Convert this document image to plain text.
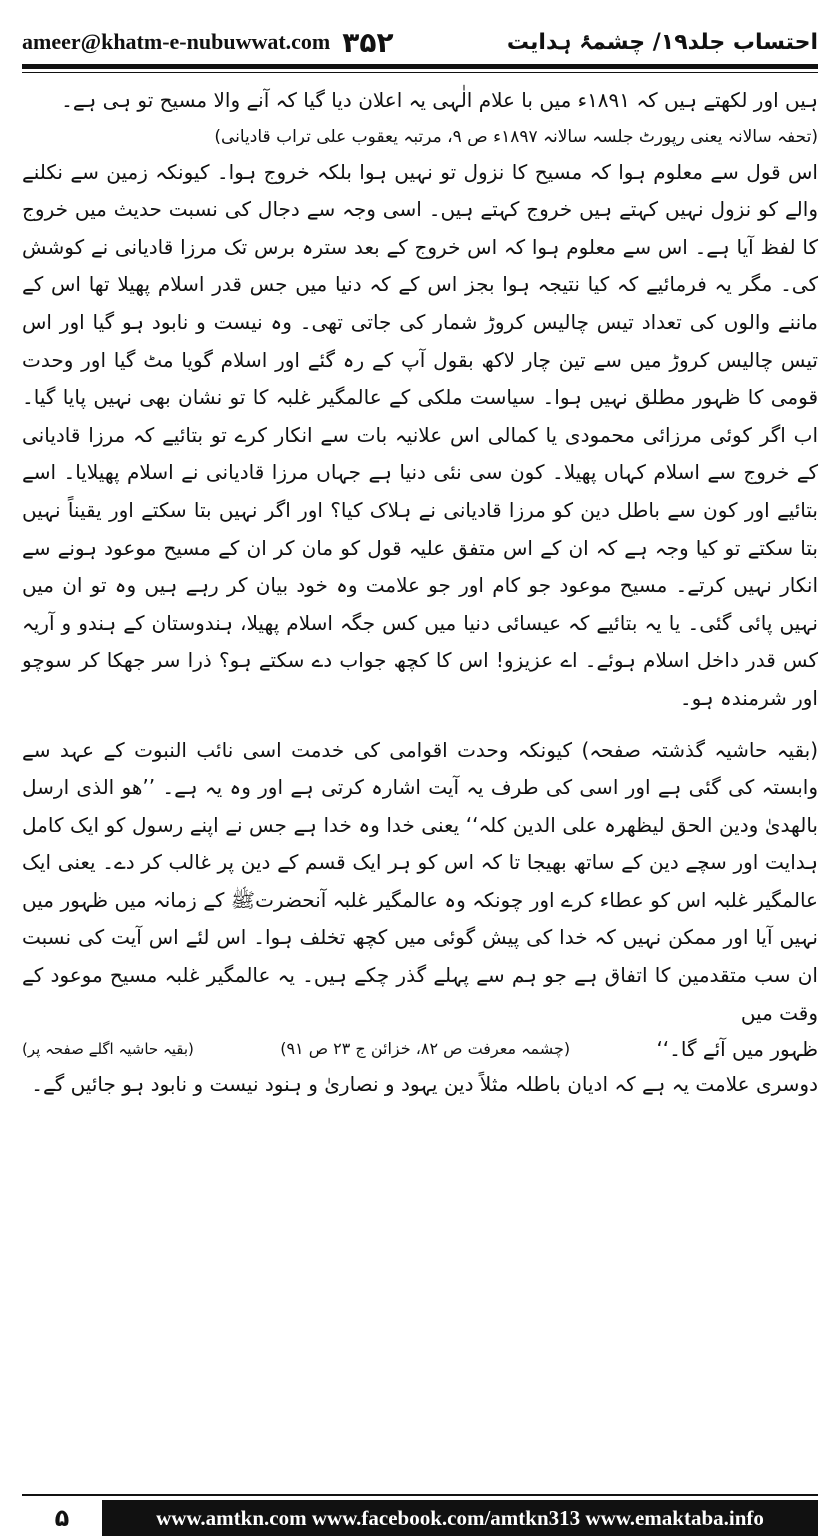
ameer@khatm-e-nubuwwat.com ۳۵۲	احتساب جلد۱۹/ چشمۂ ہدایت

ہیں اور لکھتے ہیں کہ ۱۸۹۱ء میں با علام الٰہی یہ اعلان دیا گیا کہ آنے والا مسیح تو ہی ہے۔

(تحفہ سالانہ یعنی رپورٹ جلسہ سالانہ ۱۸۹۷ء ص ۹، مرتبہ یعقوب علی تراب قادیانی)

اس قول سے معلوم ہوا کہ مسیح کا نزول تو نہیں ہوا بلکہ خروج ہوا۔ کیونکہ زمین سے نکلنے والے کو نزول نہیں کہتے ہیں خروج کہتے ہیں۔ اسی وجہ سے دجال کی نسبت حدیث میں خروج کا لفظ آیا ہے۔ اس سے معلوم ہوا کہ اس خروج کے بعد سترہ برس تک مرزا قادیانی نے کوشش کی۔ مگر یہ فرمائیے کہ کیا نتیجہ ہوا بجز اس کے کہ دنیا میں جس قدر اسلام پھیلا تھا اس کے ماننے والوں کی تعداد تیس چالیس کروڑ شمار کی جاتی تھی۔ وہ نیست و نابود ہو گیا اور اس تیس چالیس کروڑ میں سے تین چار لاکھ بقول آپ کے رہ گئے اور اسلام گویا مٹ گیا اور وحدت قومی کا ظہور مطلق نہیں ہوا۔ سیاست ملکی کے عالمگیر غلبہ کا تو نشان بھی نہیں پایا گیا۔ اب اگر کوئی مرزائی محمودی یا کمالی اس علانیہ بات سے انکار کرے تو بتائیے کہ مرزا قادیانی کے خروج سے اسلام کہاں پھیلا۔ کون سی نئی دنیا ہے جہاں مرزا قادیانی نے اسلام پھیلایا۔ اسے بتائیے اور کون سے باطل دین کو مرزا قادیانی نے ہلاک کیا؟ اور اگر نہیں بتا سکتے اور یقیناً نہیں بتا سکتے تو کیا وجہ ہے کہ ان کے اس متفق علیہ قول کو مان کر ان کے مسیح موعود ہونے سے انکار نہیں کرتے۔ مسیح موعود جو کام اور جو علامت وہ خود بیان کر رہے ہیں وہ تو ان میں نہیں پائی گئی۔ یا یہ بتائیے کہ عیسائی دنیا میں کس جگہ اسلام پھیلا، ہندوستان کے ہندو و آریہ کس قدر داخل اسلام ہوئے۔ اے عزیزو! اس کا کچھ جواب دے سکتے ہو؟ ذرا سر جھکا کر سوچو اور شرمندہ ہو۔

(بقیہ حاشیہ گذشتہ صفحہ) کیونکہ وحدت اقوامی کی خدمت اسی نائب النبوت کے عہد سے وابستہ کی گئی ہے اور اسی کی طرف یہ آیت اشارہ کرتی ہے اور وہ یہ ہے۔ ’’ھو الذی ارسل بالھدیٰ ودین الحق لیظھرہ علی الدین کلہ‘‘ یعنی خدا وہ خدا ہے جس نے اپنے رسول کو ایک کامل ہدایت اور سچے دین کے ساتھ بھیجا تا کہ اس کو ہر ایک قسم کے دین پر غالب کر دے۔ یعنی ایک عالمگیر غلبہ اس کو عطاء کرے اور چونکہ وہ عالمگیر غلبہ آنحضرتﷺ کے زمانہ میں ظہور میں نہیں آیا اور ممکن نہیں کہ خدا کی پیش گوئی میں کچھ تخلف ہوا۔ اس لئے اس آیت کی نسبت ان سب متقدمین کا اتفاق ہے جو ہم سے پہلے گذر چکے ہیں۔ یہ عالمگیر غلبہ مسیح موعود کے وقت میں

ظہور میں آئے گا۔‘‘
(چشمہ معرفت ص ۸۲، خزائن ج ۲۳ ص ۹۱)
(بقیہ حاشیہ اگلے صفحہ پر)

دوسری علامت یہ ہے کہ ادیان باطلہ مثلاً دین یہود و نصاریٰ و ہنود نیست و نابود ہو جائیں گے۔

۵	www.amtkn.com www.facebook.com/amtkn313 www.emaktaba.info
